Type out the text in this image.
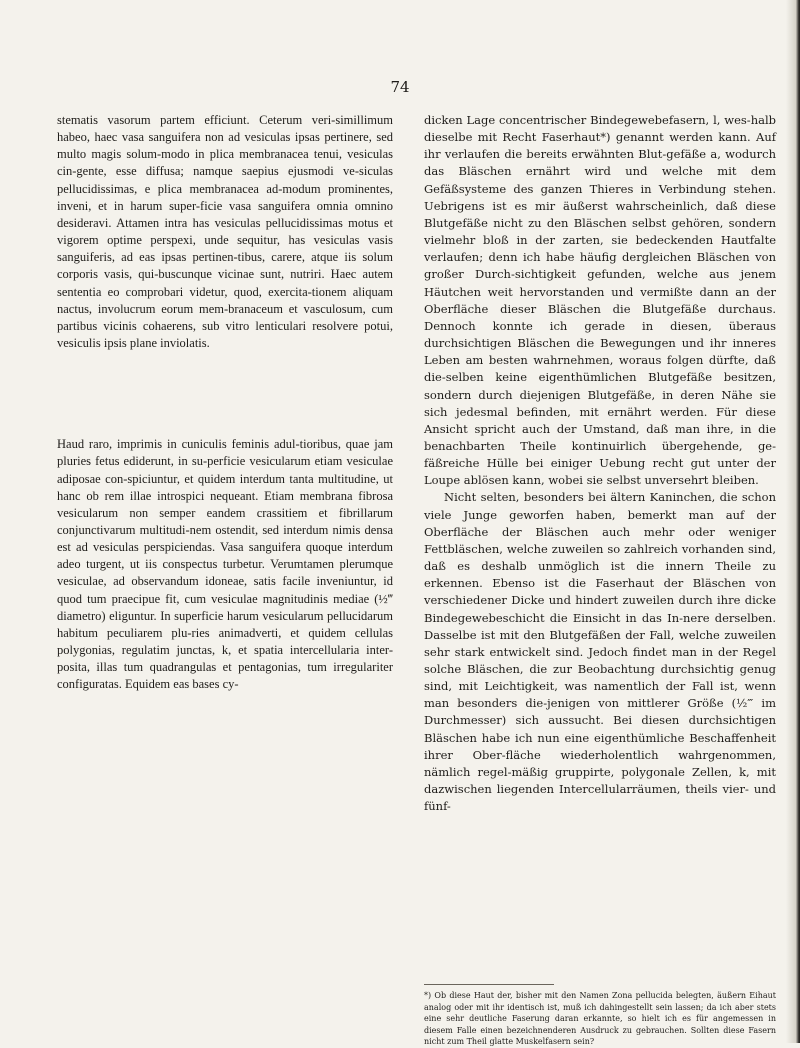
74

stematis vasorum partem efficiunt. Ceterum veri-simillimum habeo, haec vasa sanguifera non ad vesiculas ipsas pertinere, sed multo magis solum-modo in plica membranacea tenui, vesiculas cin-gente, esse diffusa; namque saepius ejusmodi ve-siculas pellucidissimas, e plica membranacea ad-modum prominentes, inveni, et in harum super-ficie vasa sanguifera omnia omnino desideravi. Attamen intra has vesiculas pellucidissimas motus et vigorem optime perspexi, unde sequitur, has vesiculas vasis sanguiferis, ad eas ipsas pertinen-tibus, carere, atque iis solum corporis vasis, qui-buscunque vicinae sunt, nutriri. Haec autem sententia eo comprobari videtur, quod, exercita-tionem aliquam nactus, involucrum eorum mem-branaceum et vasculosum, cum partibus vicinis cohaerens, sub vitro lenticulari resolvere potui, vesiculis ipsis plane inviolatis.

Haud raro, imprimis in cuniculis feminis adul-tioribus, quae jam pluries fetus ediderunt, in su-perficie vesicularum etiam vesiculae adiposae con-spiciuntur, et quidem interdum tanta multitudine, ut hanc ob rem illae introspici nequeant. Etiam membrana fibrosa vesicularum non semper eandem crassitiem et fibrillarum conjunctivarum multitudi-nem ostendit, sed interdum nimis densa est ad vesiculas perspiciendas. Vasa sanguifera quoque interdum adeo turgent, ut iis conspectus turbetur. Verumtamen plerumque vesiculae, ad observandum idoneae, satis facile inveniuntur, id quod tum praecipue fit, cum vesiculae magnitudinis mediae (½‴ diametro) eliguntur. In superficie harum vesicularum pellucidarum habitum peculiarem plu-ries animadverti, et quidem cellulas polygonias, regulatim junctas, k, et spatia intercellularia inter-posita, illas tum quadrangulas et pentagonias, tum irregulariter configuratas. Equidem eas bases cy-

dicken Lage concentrischer Bindegewebefasern, l, wes-halb dieselbe mit Recht Faserhaut*) genannt werden kann. Auf ihr verlaufen die bereits erwähnten Blut-gefäße a, wodurch das Bläschen ernährt wird und welche mit dem Gefäßsysteme des ganzen Thieres in Verbindung stehen. Uebrigens ist es mir äußerst wahrscheinlich, daß diese Blutgefäße nicht zu den Bläschen selbst gehören, sondern vielmehr bloß in der zarten, sie bedeckenden Hautfalte verlaufen; denn ich habe häufig dergleichen Bläschen von großer Durch-sichtigkeit gefunden, welche aus jenem Häutchen weit hervorstanden und vermißte dann an der Oberfläche dieser Bläschen die Blutgefäße durchaus. Dennoch konnte ich gerade in diesen, überaus durchsichtigen Bläschen die Bewegungen und ihr inneres Leben am besten wahrnehmen, woraus folgen dürfte, daß die-selben keine eigenthümlichen Blutgefäße besitzen, sondern durch diejenigen Blutgefäße, in deren Nähe sie sich jedesmal befinden, mit ernährt werden. Für diese Ansicht spricht auch der Umstand, daß man ihre, in die benachbarten Theile kontinuirlich übergehende, ge-fäßreiche Hülle bei einiger Uebung recht gut unter der Loupe ablösen kann, wobei sie selbst unversehrt bleiben.

Nicht selten, besonders bei ältern Kaninchen, die schon viele Junge geworfen haben, bemerkt man auf der Oberfläche der Bläschen auch mehr oder weniger Fettbläschen, welche zuweilen so zahlreich vorhanden sind, daß es deshalb unmöglich ist die innern Theile zu erkennen. Ebenso ist die Faserhaut der Bläschen von verschiedener Dicke und hindert zuweilen durch ihre dicke Bindegewebeschicht die Einsicht in das In-nere derselben. Dasselbe ist mit den Blutgefäßen der Fall, welche zuweilen sehr stark entwickelt sind. Jedoch findet man in der Regel solche Bläschen, die zur Beobachtung durchsichtig genug sind, mit Leichtigkeit, was namentlich der Fall ist, wenn man besonders die-jenigen von mittlerer Größe (½‴ im Durchmesser) sich aussucht. Bei diesen durchsichtigen Bläschen habe ich nun eine eigenthümliche Beschaffenheit ihrer Ober-fläche wiederholentlich wahrgenommen, nämlich regel-mäßig gruppirte, polygonale Zellen, k, mit dazwischen liegenden Intercellularräumen, theils vier- und fünf-

*) Ob diese Haut der, bisher mit den Namen Zona pellucida belegten, äußern Eihaut analog oder mit ihr identisch ist, muß ich dahingestellt sein lassen; da ich aber stets eine sehr deutliche Faserung daran erkannte, so hielt ich es für angemessen in diesem Falle einen bezeichnenderen Ausdruck zu gebrauchen. Sollten diese Fasern nicht zum Theil glatte Muskelfasern sein?
